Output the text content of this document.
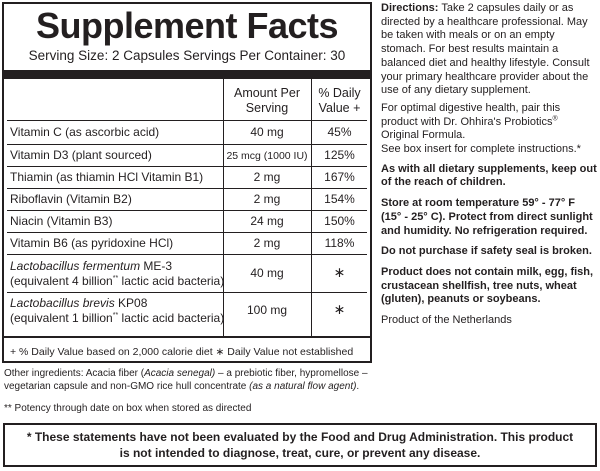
Supplement Facts
Serving Size: 2 Capsules Servings Per Container: 30
Amount Per Serving
% Daily Value +
Vitamin C (as ascorbic acid)	40 mg	45%
Vitamin D3 (plant sourced)	25 mcg (1000 IU)	125%
Thiamin (as thiamin HCl Vitamin B1)	2 mg	167%
Riboflavin (Vitamin B2)	2 mg	154%
Niacin (Vitamin B3)	24 mg	150%
Vitamin B6 (as pyridoxine HCl)	2 mg	118%
Lactobacillus fermentum ME-3
(equivalent 4 billion** lactic acid bacteria)
40 mg	∗
Lactobacillus brevis KP08
(equivalent 1 billion** lactic acid bacteria)
100 mg	∗
+ % Daily Value based on 2,000 calorie diet ∗ Daily Value not established
Other ingredients: Acacia fiber (Acacia senegal) – a prebiotic fiber, hypromellose – vegetarian capsule and non-GMO rice hull concentrate (as a natural flow agent).
** Potency through date on box when stored as directed

Directions: Take 2 capsules daily or as directed by a healthcare professional. May be taken with meals or on an empty stomach. For best results maintain a balanced diet and healthy lifestyle. Consult your primary healthcare provider about the use of any dietary supplement.

For optimal digestive health, pair this product with Dr. Ohhira's Probiotics® Original Formula.

See box insert for complete instructions.*

As with all dietary supplements, keep out of the reach of children.

Store at room temperature 59° - 77° F (15° - 25° C). Protect from direct sunlight and humidity. No refrigeration required.

Do not purchase if safety seal is broken.

Product does not contain milk, egg, fish, crustacean shellfish, tree nuts, wheat (gluten), peanuts or soybeans.

Product of the Netherlands

* These statements have not been evaluated by the Food and Drug Administration. This product
is not intended to diagnose, treat, cure, or prevent any disease.
